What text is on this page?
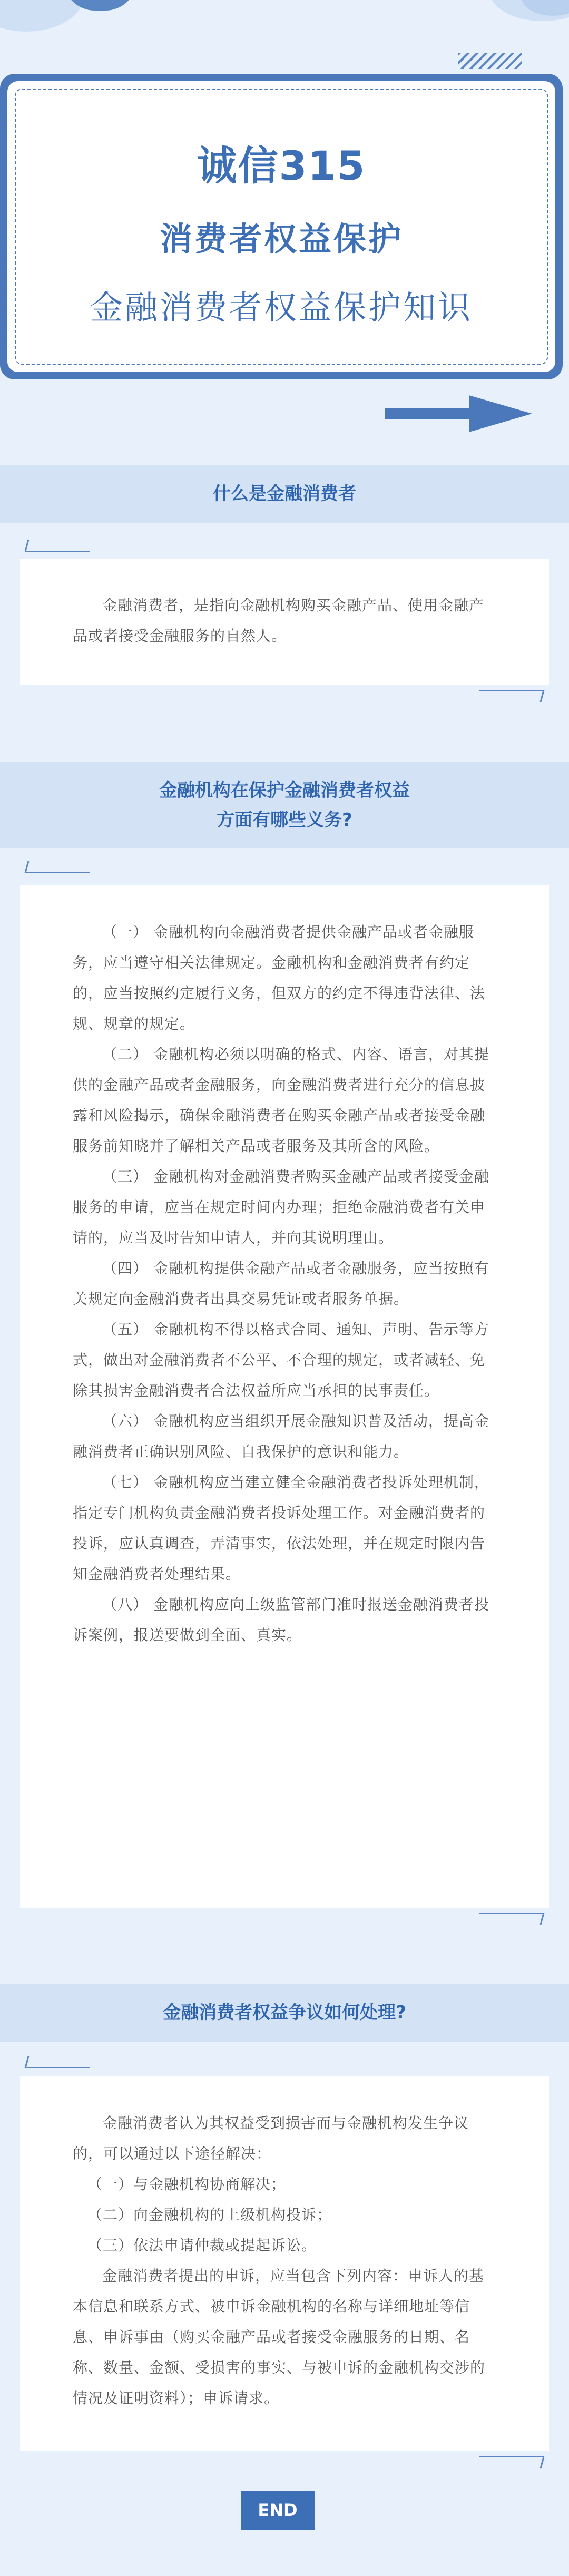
诚信315
消费者权益保护
金融消费者权益保护知识
什么是金融消费者

金融消费者，是指向金融机构购买金融产品、使用金融产品或者接受金融服务的自然人。

金融机构在保护金融消费者权益
方面有哪些义务?

（一） 金融机构向金融消费者提供金融产品或者金融服务，应当遵守相关法律规定。金融机构和金融消费者有约定的，应当按照约定履行义务，但双方的约定不得违背法律、法规、规章的规定。

（二） 金融机构必须以明确的格式、内容、语言，对其提供的金融产品或者金融服务，向金融消费者进行充分的信息披露和风险揭示，确保金融消费者在购买金融产品或者接受金融服务前知晓并了解相关产品或者服务及其所含的风险。

（三） 金融机构对金融消费者购买金融产品或者接受金融服务的申请，应当在规定时间内办理；拒绝金融消费者有关申请的，应当及时告知申请人，并向其说明理由。

（四） 金融机构提供金融产品或者金融服务，应当按照有关规定向金融消费者出具交易凭证或者服务单据。

（五） 金融机构不得以格式合同、通知、声明、告示等方式，做出对金融消费者不公平、不合理的规定，或者减轻、免除其损害金融消费者合法权益所应当承担的民事责任。

（六） 金融机构应当组织开展金融知识普及活动，提高金融消费者正确识别风险、自我保护的意识和能力。

（七） 金融机构应当建立健全金融消费者投诉处理机制，指定专门机构负责金融消费者投诉处理工作。对金融消费者的投诉，应认真调查，弄清事实，依法处理，并在规定时限内告知金融消费者处理结果。

（八） 金融机构应向上级监管部门准时报送金融消费者投诉案例，报送要做到全面、真实。

金融消费者权益争议如何处理?

金融消费者认为其权益受到损害而与金融机构发生争议的，可以通过以下途径解决：

（一）与金融机构协商解决；

（二）向金融机构的上级机构投诉；

（三）依法申请仲裁或提起诉讼。

金融消费者提出的申诉，应当包含下列内容：申诉人的基本信息和联系方式、被申诉金融机构的名称与详细地址等信息、申诉事由（购买金融产品或者接受金融服务的日期、名称、数量、金额、受损害的事实、与被申诉的金融机构交涉的情况及证明资料）；申诉请求。

END
